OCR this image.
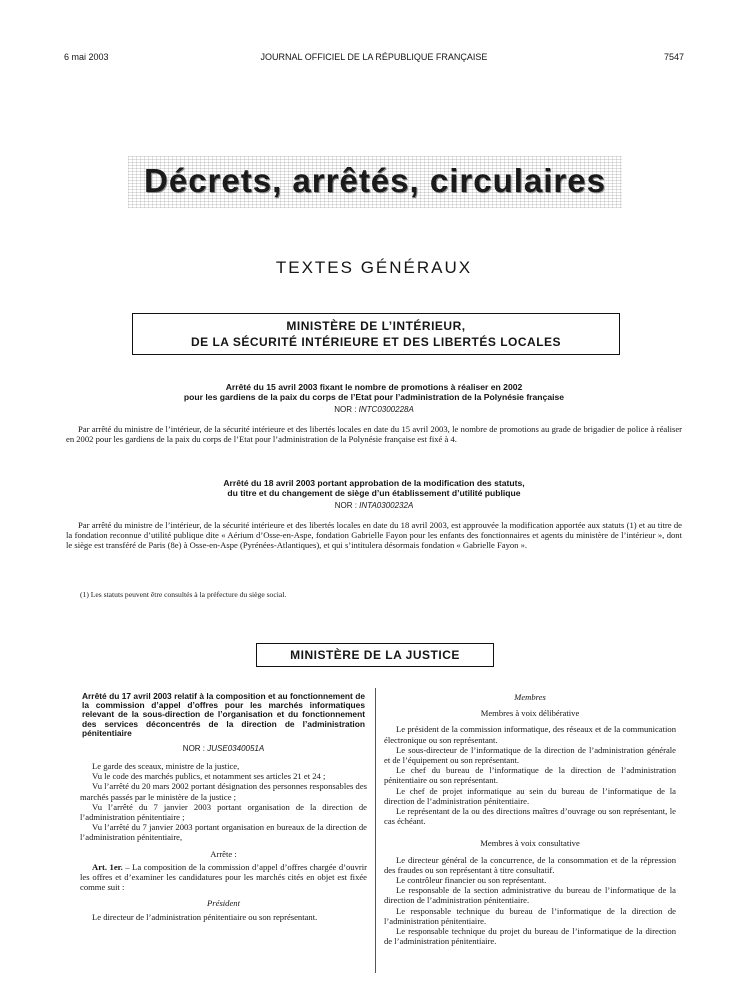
6 mai 2003	JOURNAL OFFICIEL DE LA RÉPUBLIQUE FRANÇAISE	7547
Décrets, arrêtés, circulaires
TEXTES GÉNÉRAUX
MINISTÈRE DE L’INTÉRIEUR,
DE LA SÉCURITÉ INTÉRIEURE ET DES LIBERTÉS LOCALES
Arrêté du 15 avril 2003 fixant le nombre de promotions à réaliser en 2002
pour les gardiens de la paix du corps de l’Etat pour l’administration de la Polynésie française
NOR : INTC0300228A

Par arrêté du ministre de l’intérieur, de la sécurité intérieure et des libertés locales en date du 15 avril 2003, le nombre de promotions au grade de brigadier de police à réaliser en 2002 pour les gardiens de la paix du corps de l’Etat pour l’administration de la Polynésie française est fixé à 4.

Arrêté du 18 avril 2003 portant approbation de la modification des statuts,
du titre et du changement de siège d’un établissement d’utilité publique
NOR : INTA0300232A

Par arrêté du ministre de l’intérieur, de la sécurité intérieure et des libertés locales en date du 18 avril 2003, est approuvée la modification apportée aux statuts (1) et au titre de la fondation reconnue d’utilité publique dite « Aérium d’Osse-en-Aspe, fondation Gabrielle Fayon pour les enfants des fonctionnaires et agents du ministère de l’intérieur », dont le siège est transféré de Paris (8e) à Osse-en-Aspe (Pyrénées-Atlantiques), et qui s’intitulera désormais fondation « Gabrielle Fayon ».

(1) Les statuts peuvent être consultés à la préfecture du siège social.
MINISTÈRE DE LA JUSTICE
Arrêté du 17 avril 2003 relatif à la composition et au fonctionnement de la commission d’appel d’offres pour les marchés informatiques relevant de la sous-direction de l’organisation et du fonctionnement des services déconcentrés de la direction de l’administration pénitentiaire
NOR : JUSE0340051A

Le garde des sceaux, ministre de la justice,

Vu le code des marchés publics, et notamment ses articles 21 et 24 ;

Vu l’arrêté du 20 mars 2002 portant désignation des personnes responsables des marchés passés par le ministère de la justice ;

Vu l’arrêté du 7 janvier 2003 portant organisation de la direction de l’administration pénitentiaire ;

Vu l’arrêté du 7 janvier 2003 portant organisation en bureaux de la direction de l’administration pénitentiaire,

Arrête :

Art. 1er. – La composition de la commission d’appel d’offres chargée d’ouvrir les offres et d’examiner les candidatures pour les marchés cités en objet est fixée comme suit :

Président

Le directeur de l’administration pénitentiaire ou son représentant.

Membres

Membres à voix délibérative

Le président de la commission informatique, des réseaux et de la communication électronique ou son représentant.

Le sous-directeur de l’informatique de la direction de l’administration générale et de l’équipement ou son représentant.

Le chef du bureau de l’informatique de la direction de l’administration pénitentiaire ou son représentant.

Le chef de projet informatique au sein du bureau de l’informatique de la direction de l’administration pénitentiaire.

Le représentant de la ou des directions maîtres d’ouvrage ou son représentant, le cas échéant.

Membres à voix consultative

Le directeur général de la concurrence, de la consommation et de la répression des fraudes ou son représentant à titre consultatif.

Le contrôleur financier ou son représentant.

Le responsable de la section administrative du bureau de l’informatique de la direction de l’administration pénitentiaire.

Le responsable technique du bureau de l’informatique de la direction de l’administration pénitentiaire.

Le responsable technique du projet du bureau de l’informatique de la direction de l’administration pénitentiaire.
